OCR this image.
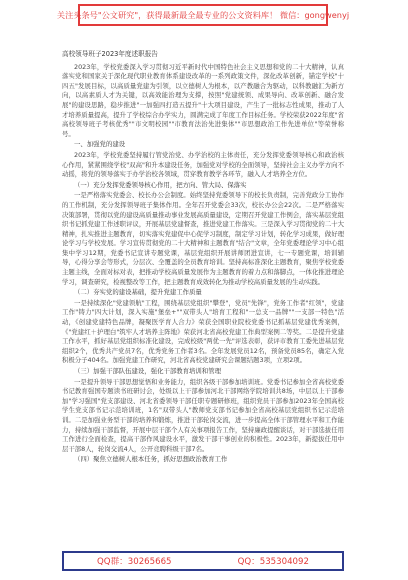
关注头条号"公文研究"，获得最新最全最专业的公文资料库！ 微信：gongwenyj
高校领导班子2023年度述职报告
2023年，学校党委深入学习贯彻习近平新时代中国特色社会主义思想和党的二十大精神，认真落实党和国家关于深化现代职业教育体系建设改革的一系列政策文件，深化改革创新，锚定学校"十四五"发展目标，以高质量党建为引领，以立德树人为根本，以产教融合为驱动，以科教融汇为新方向，以高素质人才为关键，以高效能治理为支撑，按照"党建统领、成果导向、改革创新、融合发展"的建设思路，稳步推进"一加强四打造五提升"十大项目建设，产生了一批标志性成果，推动了人才培养质量提高，提升了学校综合办学实力，圆满完成了年度工作目标任务。学校荣获2022年度"省高校领导班子考核优秀""市文明校园""市教育法治先进集体""市思想政治工作先进单位"等荣誉称号。
一、加强党的建设
2023年，学校党委坚持履行管党治党、办学治校的主体责任，充分发挥党委领导核心和政治核心作用，紧紧围绕学校"双高"和升本建设任务，加强党对学校的全面领导，坚持社会主义办学方向不动摇，将党的领导落实于办学治校各领域，贯穿教育教学各环节，融入人才培养全方位。
（一）充分发挥党委领导核心作用，把方向、管大局、保落实
一是严格落实党委会、校长办公会制度。始终坚持党委领导下的校长负责制，完善党政分工协作的工作机制，充分发挥领导班子集体作用。全年召开党委会33次，校长办公会22次。二是严格落实决策部署，贯彻以党的建设高质量推动事业发展高质量建设，定期召开党建工作例会，落实基层党组织书记抓党建工作述职评议，开展基层党建督查，推进党建工作落实。三是深入学习贯彻党的二十大精神，扎实推进主题教育，切实落实党建促中心促学习制度，制定学习计划，转化学习成果，做好理论学习与学校发展。学习宣传贯彻党的二十大精神和主题教育"结合"文章，全年党委理论学习中心组集中学习12期，党委书记宣讲专题党课，基层党组织开展讲师团进宣讲，七一专题党课，培训辅导，心得分享会等形式，分层次、全覆盖的全员教育培训。坚持高标准深化主题教育，聚焦学校党委主题主线，全面对标对表，把推动学校高质量发展作为主题教育的着力点和落脚点，一体化推进理论学习，调查研究，检视整改等工作，把主题教育成效转化为推动学校高质量发展的生动实践。
（二）夯实党的建设基础，提升党建工作质量
一是持续深化"党建领航"工程，围绕基层党组织"攀登"，党员"先锋"，党务工作者"红领"，党建工作"铸力"四大计划，深入实施"堡垒+""双带头人"培育工程和"一总支一品牌""一支部一特色"活动，《创建党建特色品牌，凝聚医学育人合力》荣获全国职业院校党委书记抓基层党建优秀案例，《"党建红＋护理白"筑牢人才培养主阵地》荣获河北省高校党建工作典型案例二等奖。二是提升党建工作水平，抓好基层党组织标准化建设，完成校级"两优一先"评选表彰，获评市教育工委先进基层党组织2个，优秀共产党员7名，优秀党务工作者3名。全年发展党员12名，预备党员85名，确定入党积极分子404名。加强党建工作研究，河北省高校党建研究会课题结题3项，立项2项。
（三）加强干部队伍建设，强化干部教育培训和管理
一是提升领导干部思想觉悟和业务能力，组织各级干部参加培训班。党委书记参加全省高校党委书记教育强国专题读书班研讨会，处级以上干部参加河北干部网络学院培训共8场，中层以上干部参加"学习强国"党支部建设、河北省委领导干部任职专题研修班，组织党员干部参加2023年全国高校学生党支部书记示范培训班，1名"双带头人"教师党支部书记参加全省高校基层党组织书记示范培训。二是加强业务型干部的培养和锻炼，推进干部轮岗交流，进一步提高全体干部管理水平和工作能力，持续加强干部监督，开展中层干部个人有关事项报告工作，坚持廉政提醒谈话，对干部选拔任用工作进行全面检查，提高干部作风建设水平，激发干部干事创业的积极性。2023年，新提拔任用中层干部8人，轮岗交流4人，公开竞聘科级干部7名。
（四）聚焦立德树人根本任务，抓好思想政治教育工作
QQ群：30265665	QQ：535304092
